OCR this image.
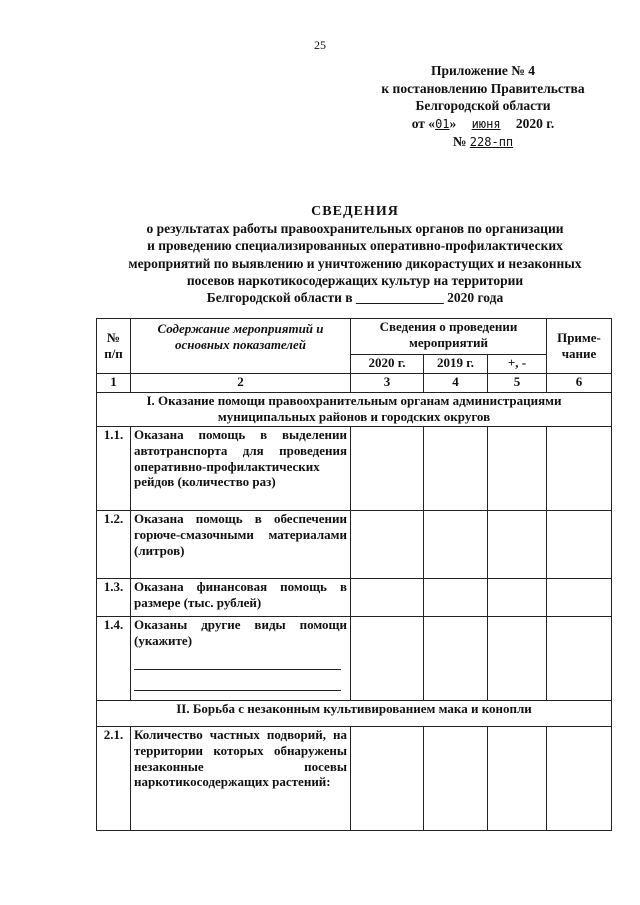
25
Приложение № 4
к постановлению Правительства
Белгородской области
от «01» июня 2020 г.
№ 228-пп
СВЕДЕНИЯ
о результатах работы правоохранительных органов по организации
и проведению специализированных оперативно-профилактических
мероприятий по выявлению и уничтожению дикорастущих и незаконных
посевов наркотикосодержащих культур на территории
Белгородской области в _____________ 2020 года
№ п/п	Содержание мероприятий и основных показателей	Сведения о проведении мероприятий			Приме-чание
		2020 г.	2019 г.	+, -	
1	2	3	4	5	6
I. Оказание помощи правоохранительным органам администрациями муниципальных районов и городских округов					
1.1.	Оказана помощь в выделении автотранспорта для проведения оперативно-профилактических рейдов (количество раз)				
1.2.	Оказана помощь в обеспечении горюче-смазочными материалами (литров)				
1.3.	Оказана финансовая помощь в размере (тыс. рублей)				
1.4.	Оказаны другие виды помощи (укажите)				

II. Борьба с незаконным культивированием мака и конопли					
2.1.	Количество частных подворий, на территории которых обнаружены незаконные посевы наркотикосодержащих растений:				
